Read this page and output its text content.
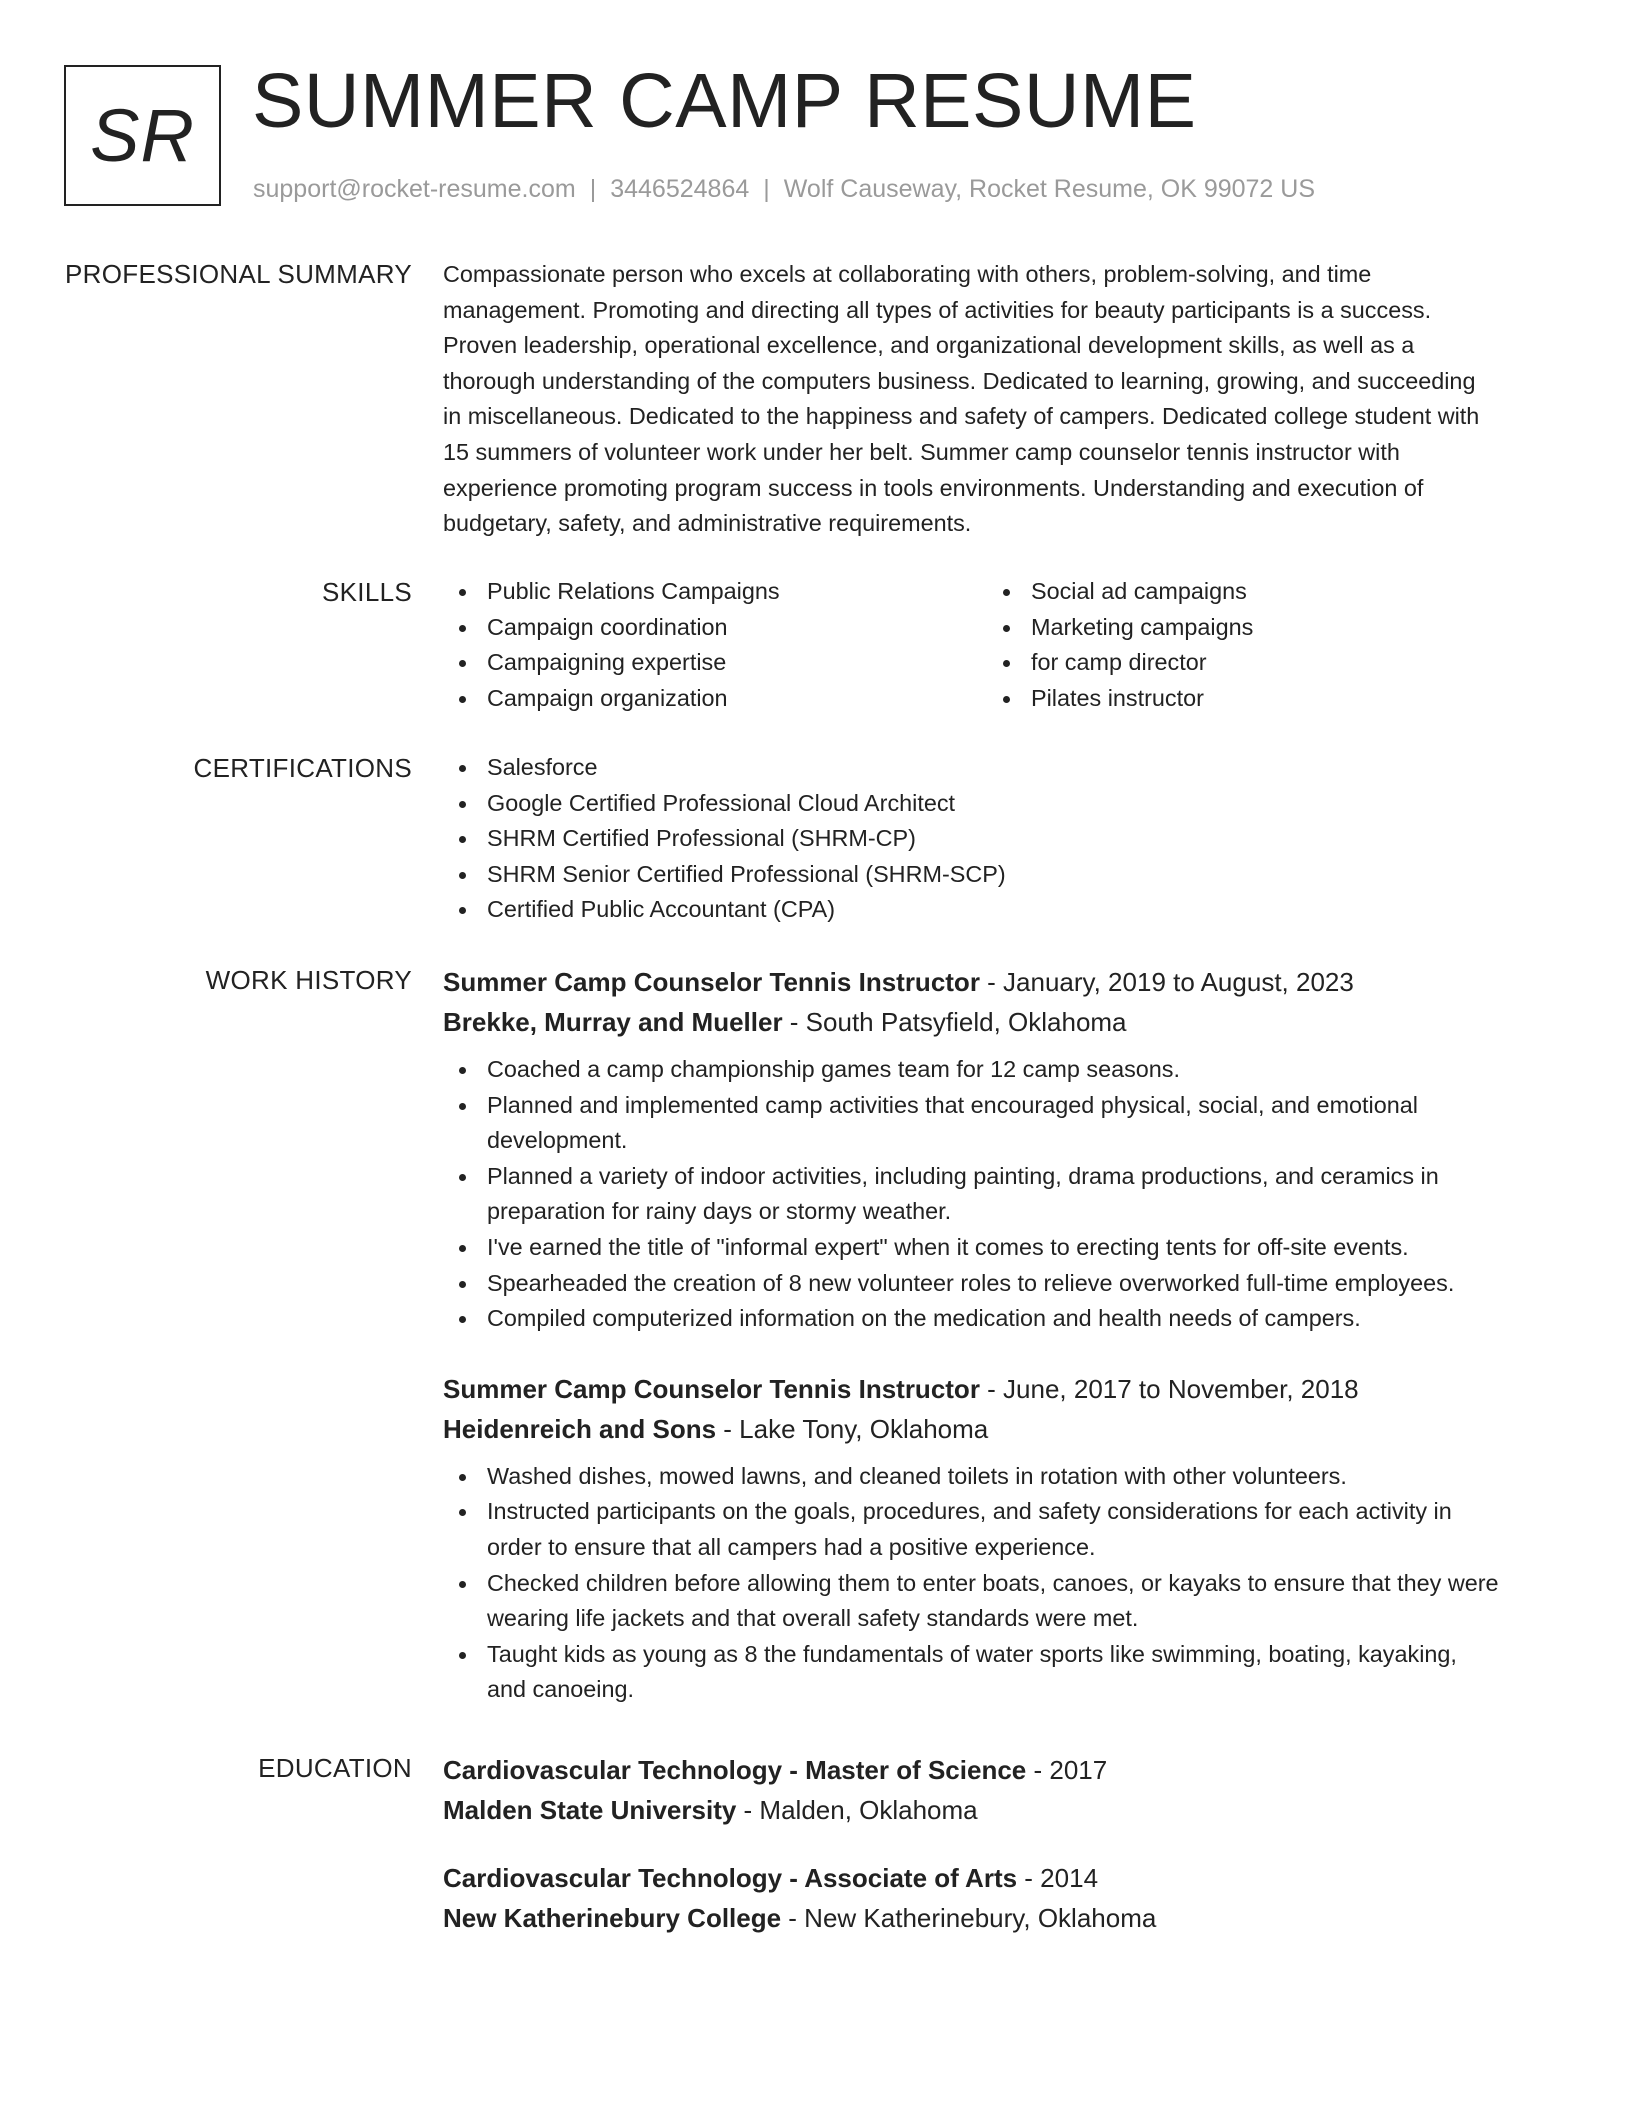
SR SUMMER CAMP RESUME
support@rocket-resume.com | 3446524864 | Wolf Causeway, Rocket Resume, OK 99072 US
PROFESSIONAL SUMMARY Compassionate person who excels at collaborating with others, problem-solving, and time
management. Promoting and directing all types of activities for beauty participants is a success.
Proven leadership, operational excellence, and organizational development skills, as well as a
thorough understanding of the computers business. Dedicated to learning, growing, and succeeding
in miscellaneous. Dedicated to the happiness and safety of campers. Dedicated college student with
15 summers of volunteer work under her belt. Summer camp counselor tennis instructor with
experience promoting program success in tools environments. Understanding and execution of
budgetary, safety, and administrative requirements.

SKILLS	Public Relations Campaigns
Campaign coordination
Campaigning expertise
Campaign organization
Social ad campaigns
Marketing campaigns
for camp director
Pilates instructor
CERTIFICATIONS	Salesforce
Google Certified Professional Cloud Architect
SHRM Certified Professional (SHRM-CP)
SHRM Senior Certified Professional (SHRM-SCP)
Certified Public Accountant (CPA)
WORK HISTORY Summer Camp Counselor Tennis Instructor - January, 2019 to August, 2023
Brekke, Murray and Mueller - South Patsyfield, Oklahoma
Coached a camp championship games team for 12 camp seasons.
Planned and implemented camp activities that encouraged physical, social, and emotional
development.
Planned a variety of indoor activities, including painting, drama productions, and ceramics in
preparation for rainy days or stormy weather.
I've earned the title of "informal expert" when it comes to erecting tents for off-site events.
Spearheaded the creation of 8 new volunteer roles to relieve overworked full-time employees.
Compiled computerized information on the medication and health needs of campers.
Summer Camp Counselor Tennis Instructor - June, 2017 to November, 2018
Heidenreich and Sons - Lake Tony, Oklahoma
Washed dishes, mowed lawns, and cleaned toilets in rotation with other volunteers.
Instructed participants on the goals, procedures, and safety considerations for each activity in
order to ensure that all campers had a positive experience.
Checked children before allowing them to enter boats, canoes, or kayaks to ensure that they were
wearing life jackets and that overall safety standards were met.
Taught kids as young as 8 the fundamentals of water sports like swimming, boating, kayaking,
and canoeing.
EDUCATION Cardiovascular Technology - Master of Science - 2017
Malden State University - Malden, Oklahoma
Cardiovascular Technology - Associate of Arts - 2014
New Katherinebury College - New Katherinebury, Oklahoma
